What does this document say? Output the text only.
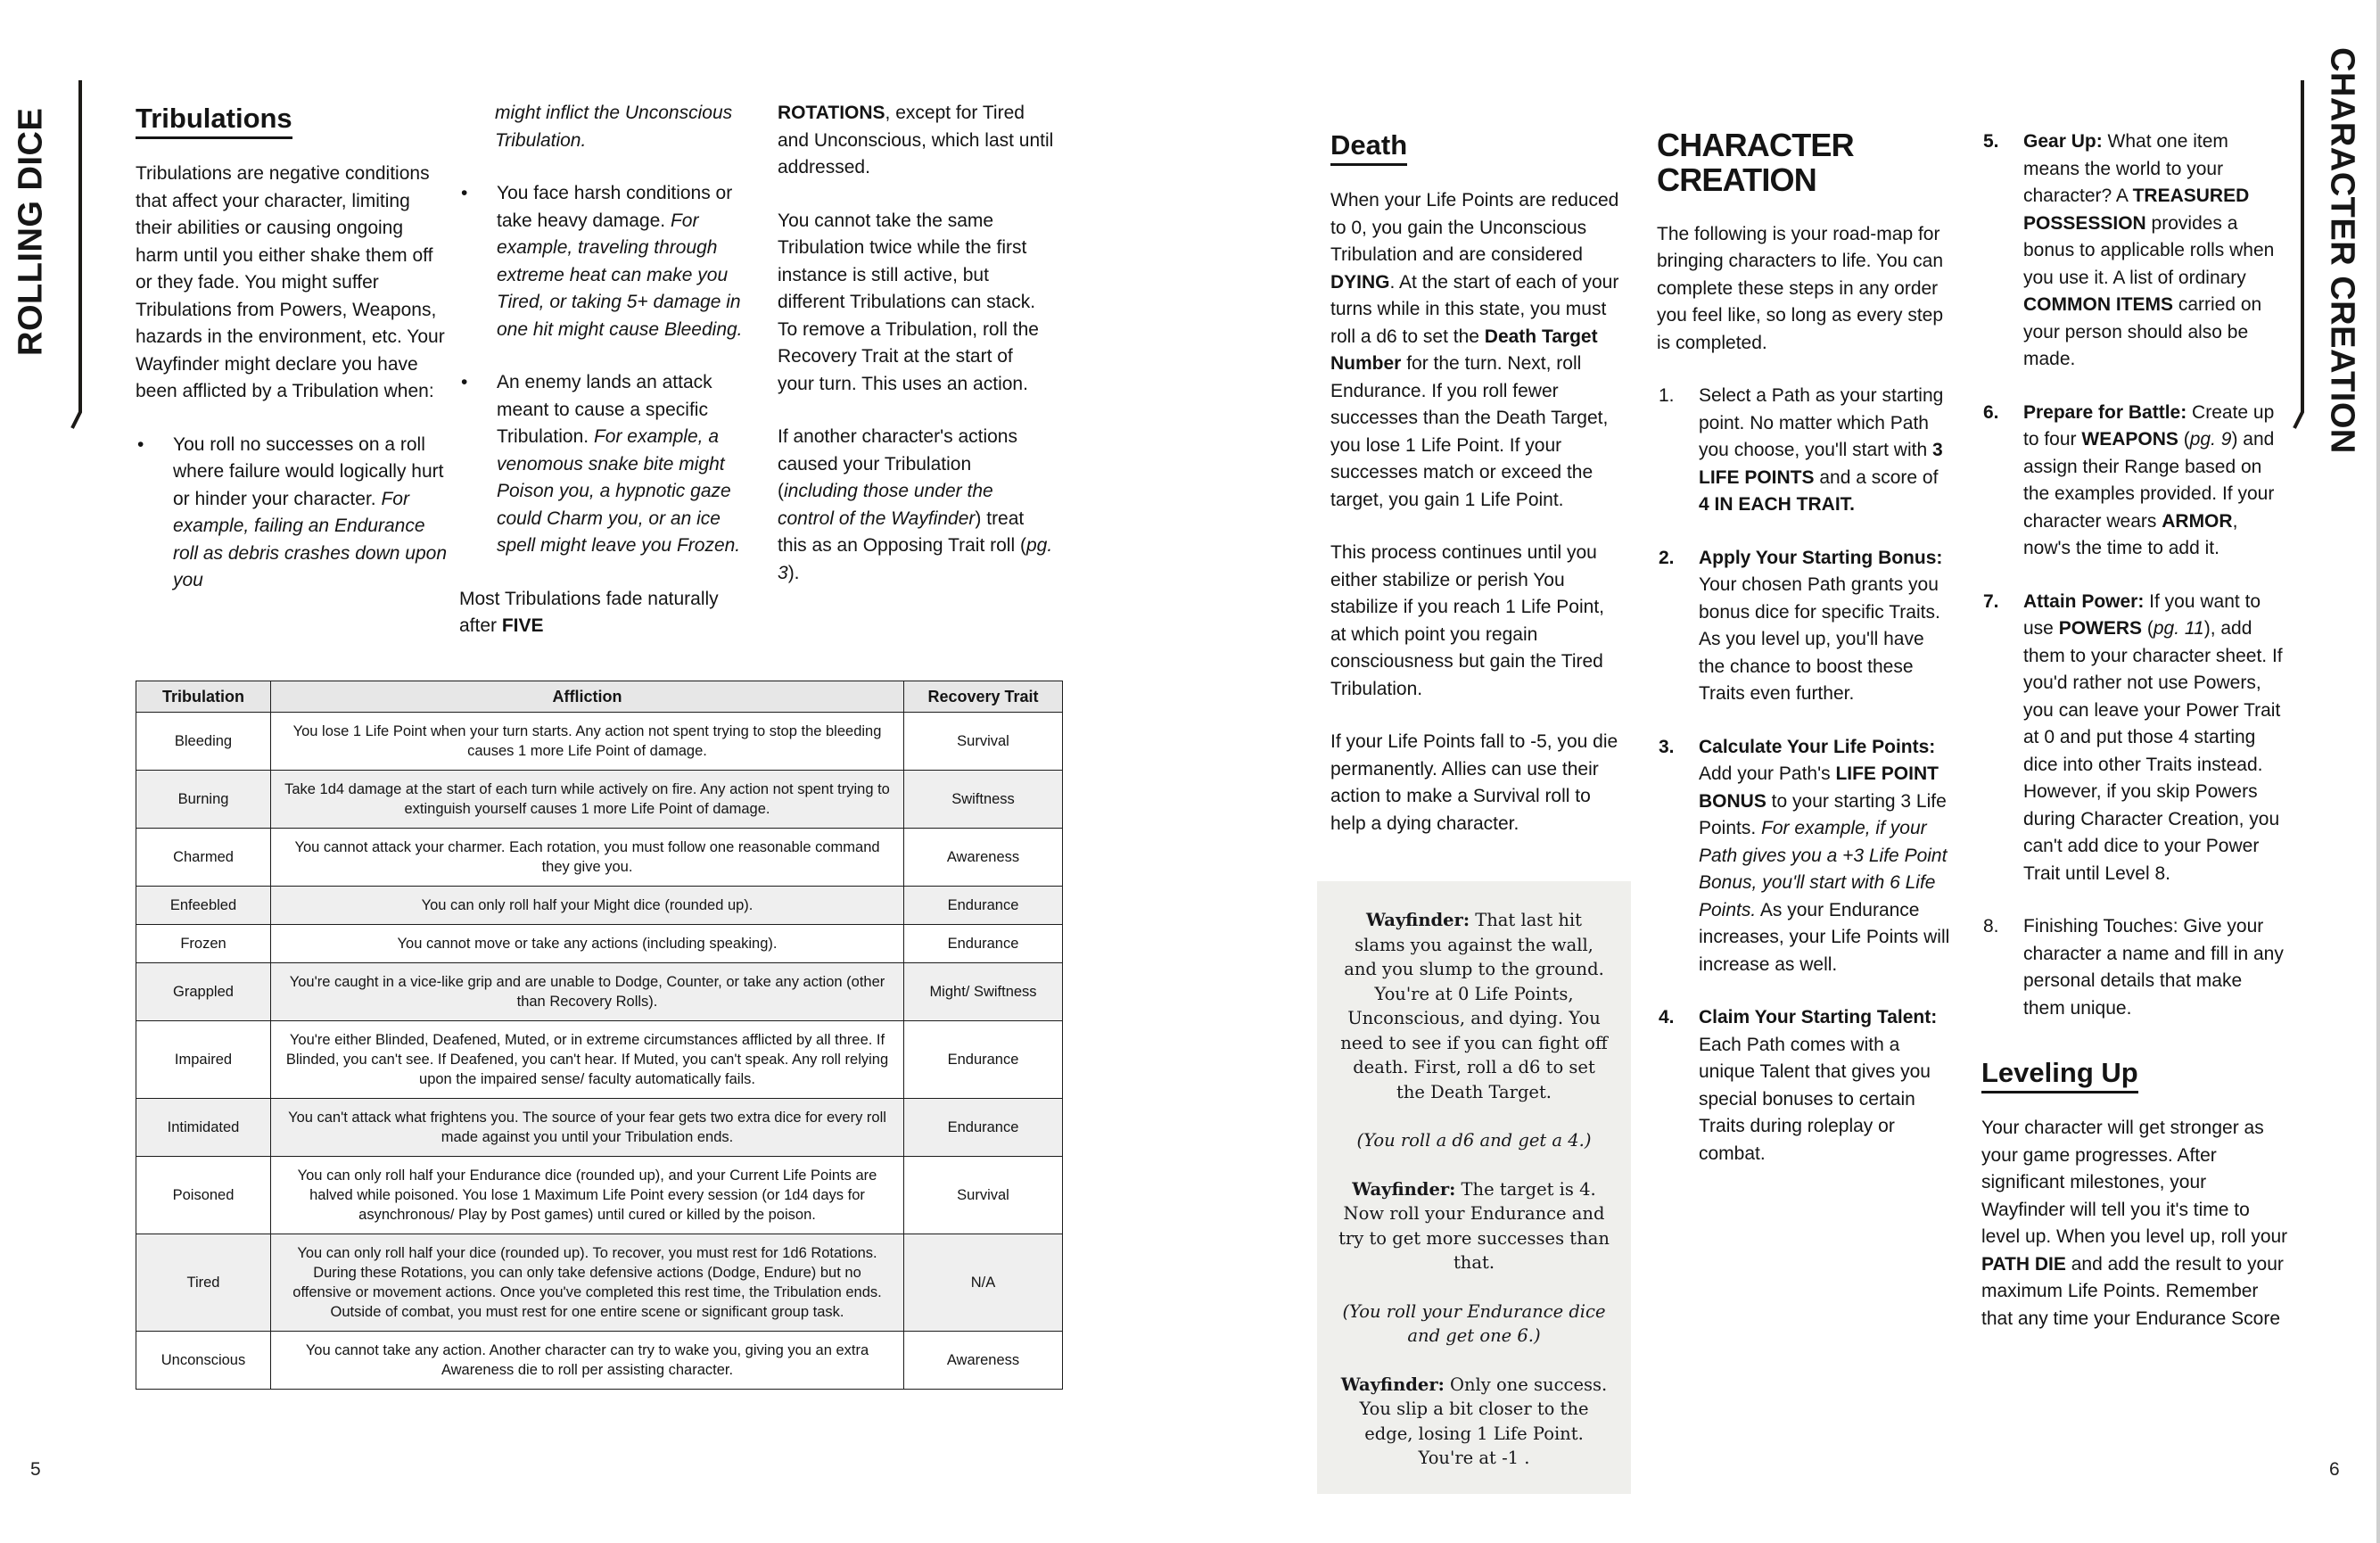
ROLLING DICE	Tribulations
Tribulations are negative conditions that affect your character, limiting their abilities or causing ongoing harm until you either shake them off or they fade. You might suffer Tribulations from Powers, Weapons, hazards in the environment, etc. Your Wayfinder might declare you have been afflicted by a Tribulation when:
•	You roll no successes on a roll where failure would logically hurt or hinder your character. For example, failing an Endurance roll as debris crashes down upon you
might inflict the Unconscious Tribulation.
•	You face harsh conditions or take heavy damage. For example, traveling through extreme heat can make you Tired, or taking 5+ damage in one hit might cause Bleeding.
•	An enemy lands an attack meant to cause a specific Tribulation. For example, a venomous snake bite might Poison you, a hypnotic gaze could Charm you, or an ice spell might leave you Frozen.
Most Tribulations fade naturally after FIVE
ROTATIONS, except for Tired and Unconscious, which last until addressed.
You cannot take the same Tribulation twice while the first instance is still active, but different Tribulations can stack. To remove a Tribulation, roll the Recovery Trait at the start of your turn. This uses an action.
If another character's actions caused your Tribulation (including those under the control of the Wayfinder) treat this as an Opposing Trait roll (pg. 3).
Tribulation	Affliction	Recovery Trait
Bleeding	You lose 1 Life Point when your turn starts. Any action not spent trying to stop the bleeding causes 1 more Life Point of damage.	Survival
Burning	Take 1d4 damage at the start of each turn while actively on fire. Any action not spent trying to extinguish yourself causes 1 more Life Point of damage.	Swiftness
Charmed	You cannot attack your charmer. Each rotation, you must follow one reasonable command they give you.	Awareness
Enfeebled	You can only roll half your Might dice (rounded up).	Endurance
Frozen	You cannot move or take any actions (including speaking).	Endurance
Grappled	You're caught in a vice-like grip and are unable to Dodge, Counter, or take any action (other than Recovery Rolls).	Might/ Swiftness
Impaired	You're either Blinded, Deafened, Muted, or in extreme circumstances afflicted by all three. If Blinded, you can't see. If Deafened, you can't hear. If Muted, you can't speak. Any roll relying upon the impaired sense/ faculty automatically fails.	Endurance
Intimidated	You can't attack what frightens you. The source of your fear gets two extra dice for every roll made against you until your Tribulation ends.	Endurance
Poisoned	You can only roll half your Endurance dice (rounded up), and your Current Life Points are halved while poisoned. You lose 1 Maximum Life Point every session (or 1d4 days for asynchronous/ Play by Post games) until cured or killed by the poison.	Survival
Tired	You can only roll half your dice (rounded up). To recover, you must rest for 1d6 Rotations. During these Rotations, you can only take defensive actions (Dodge, Endure) but no offensive or movement actions. Once you've completed this rest time, the Tribulation ends. Outside of combat, you must rest for one entire scene or significant group task.	N/A
Unconscious	You cannot take any action. Another character can try to wake you, giving you an extra Awareness die to roll per assisting character.	Awareness
5
Death
When your Life Points are reduced to 0, you gain the Unconscious Tribulation and are considered DYING. At the start of each of your turns while in this state, you must roll a d6 to set the Death Target Number for the turn. Next, roll Endurance. If you roll fewer successes than the Death Target, you lose 1 Life Point. If your successes match or exceed the target, you gain 1 Life Point.
This process continues until you either stabilize or perish You stabilize if you reach 1 Life Point, at which point you regain consciousness but gain the Tired Tribulation.
If your Life Points fall to -5, you die permanently. Allies can use their action to make a Survival roll to help a dying character.
Wayfinder: That last hit slams you against the wall, and you slump to the ground. You're at 0 Life Points, Unconscious, and dying. You need to see if you can fight off death. First, roll a d6 to set the Death Target.
(You roll a d6 and get a 4.)
Wayfinder: The target is 4. Now roll your Endurance and try to get more successes than that.
(You roll your Endurance dice and get one 6.)
Wayfinder: Only one success. You slip a bit closer to the edge, losing 1 Life Point. You're at -1 .
CHARACTER CREATION
The following is your road-map for bringing characters to life. You can complete these steps in any order you feel like, so long as every step is completed.
1.	Select a Path as your starting point. No matter which Path you choose, you'll start with 3 LIFE POINTS and a score of 4 IN EACH TRAIT.
2.	Apply Your Starting Bonus: Your chosen Path grants you bonus dice for specific Traits. As you level up, you'll have the chance to boost these Traits even further.
3.	Calculate Your Life Points: Add your Path's LIFE POINT BONUS to your starting 3 Life Points. For example, if your Path gives you a +3 Life Point Bonus, you'll start with 6 Life Points. As your Endurance increases, your Life Points will increase as well.
4.	Claim Your Starting Talent: Each Path comes with a unique Talent that gives you special bonuses to certain Traits during roleplay or combat.
5.	Gear Up: What one item means the world to your character? A TREASURED POSSESSION provides a bonus to applicable rolls when you use it. A list of ordinary COMMON ITEMS carried on your person should also be made.
6.	Prepare for Battle: Create up to four WEAPONS (pg. 9) and assign their Range based on the examples provided. If your character wears ARMOR, now's the time to add it.
7.	Attain Power: If you want to use POWERS (pg. 11), add them to your character sheet. If you'd rather not use Powers, you can leave your Power Trait at 0 and put those 4 starting dice into other Traits instead. However, if you skip Powers during Character Creation, you can't add dice to your Power Trait until Level 8.
8.	Finishing Touches: Give your character a name and fill in any personal details that make them unique.
Leveling Up
Your character will get stronger as your game progresses. After significant milestones, your Wayfinder will tell you it's time to level up. When you level up, roll your PATH DIE and add the result to your maximum Life Points. Remember that any time your Endurance Score
CHARACTER CREATION
6
